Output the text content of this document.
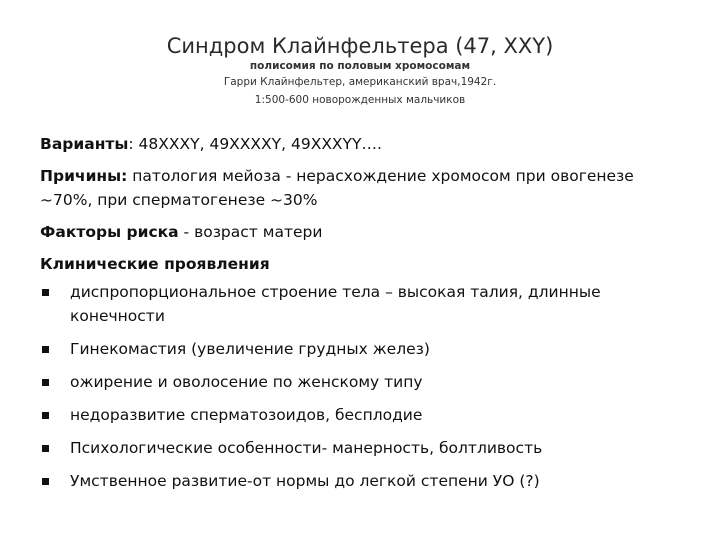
Синдром Клайнфельтера (47, XXY)
полисомия по половым хромосомам
Гарри Клайнфельтер, американский врач,1942г.
1:500-600 новорожденных мальчиков
Варианты: 48XXXY, 49XXXXY, 49XXXYY….
Причины: патология мейоза - нерасхождение хромосом при овогенезе ~70%, при сперматогенезе ~30%
Факторы риска - возраст матери
Клинические проявления
диспропорциональное строение тела – высокая талия, длинные конечности
Гинекомастия (увеличение грудных желез)
ожирение и оволосение по женскому типу
недоразвитие сперматозоидов, бесплодие
Психологические особенности- манерность, болтливость
Умственное развитие-от нормы до легкой степени УО (?)
